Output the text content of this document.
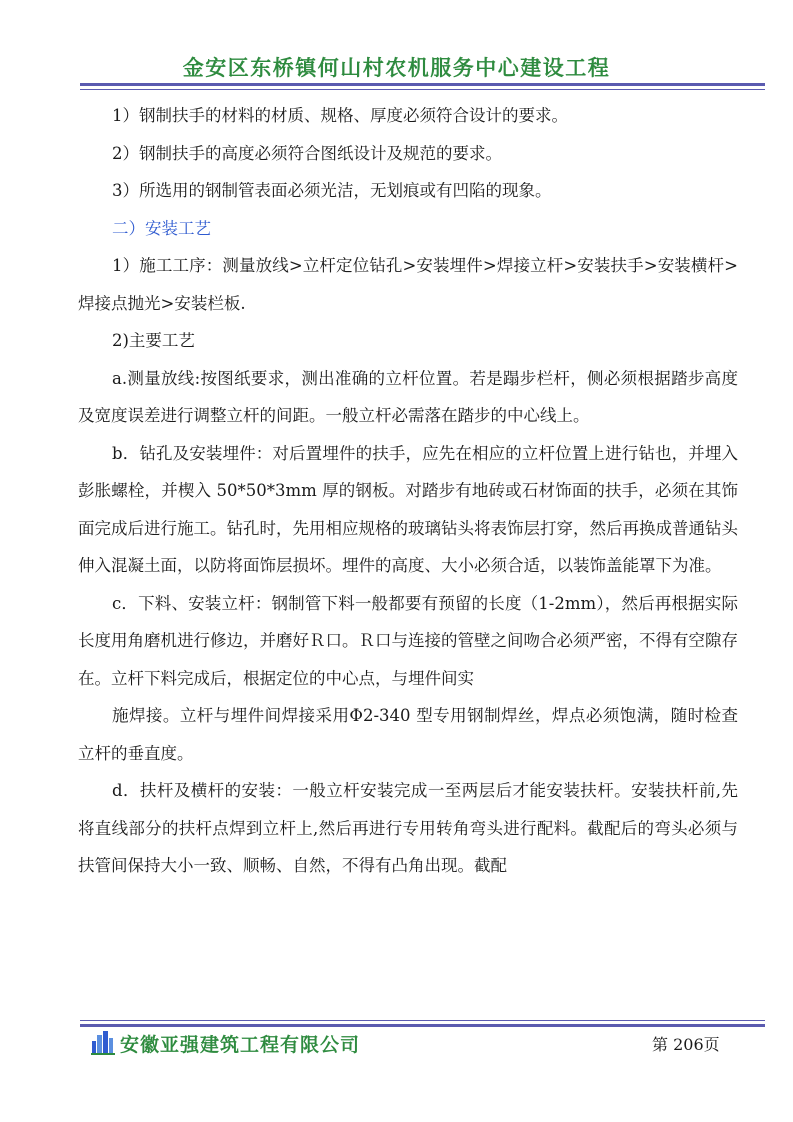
金安区东桥镇何山村农机服务中心建设工程

1）钢制扶手的材料的材质、规格、厚度必须符合设计的要求。

2）钢制扶手的高度必须符合图纸设计及规范的要求。

3）所选用的钢制管表面必须光洁，无划痕或有凹陷的现象。

二）安装工艺

1）施工工序：测量放线>立杆定位钻孔>安装埋件>焊接立杆>安装扶手>安装横杆>焊接点抛光>安装栏板.

2)主要工艺

a.测量放线:按图纸要求，测出准确的立杆位置。若是蹋步栏杆，侧必须根据踏步高度及宽度误差进行调整立杆的间距。一般立杆必需落在踏步的中心线上。

b．钻孔及安装埋件：对后置埋件的扶手，应先在相应的立杆位置上进行钻也，并埋入彭胀螺栓，并楔入 50*50*3mm 厚的钢板。对踏步有地砖或石材饰面的扶手，必须在其饰面完成后进行施工。钻孔时，先用相应规格的玻璃钻头将表饰层打穿，然后再换成普通钻头伸入混凝土面，以防将面饰层损坏。埋件的高度、大小必须合适，以装饰盖能罩下为准。

c．下料、安装立杆：钢制管下料一般都要有预留的长度（1-2mm），然后再根据实际长度用角磨机进行修边，并磨好Ｒ口。Ｒ口与连接的管壁之间吻合必须严密，不得有空隙存在。立杆下料完成后，根据定位的中心点，与埋件间实

施焊接。立杆与埋件间焊接采用Φ2-340 型专用钢制焊丝，焊点必须饱满，随时检查立杆的垂直度。

d．扶杆及横杆的安装：一般立杆安装完成一至两层后才能安装扶杆。安装扶杆前,先将直线部分的扶杆点焊到立杆上,然后再进行专用转角弯头进行配料。截配后的弯头必须与扶管间保持大小一致、顺畅、自然，不得有凸角出现。截配

安徽亚强建筑工程有限公司	第 206页
